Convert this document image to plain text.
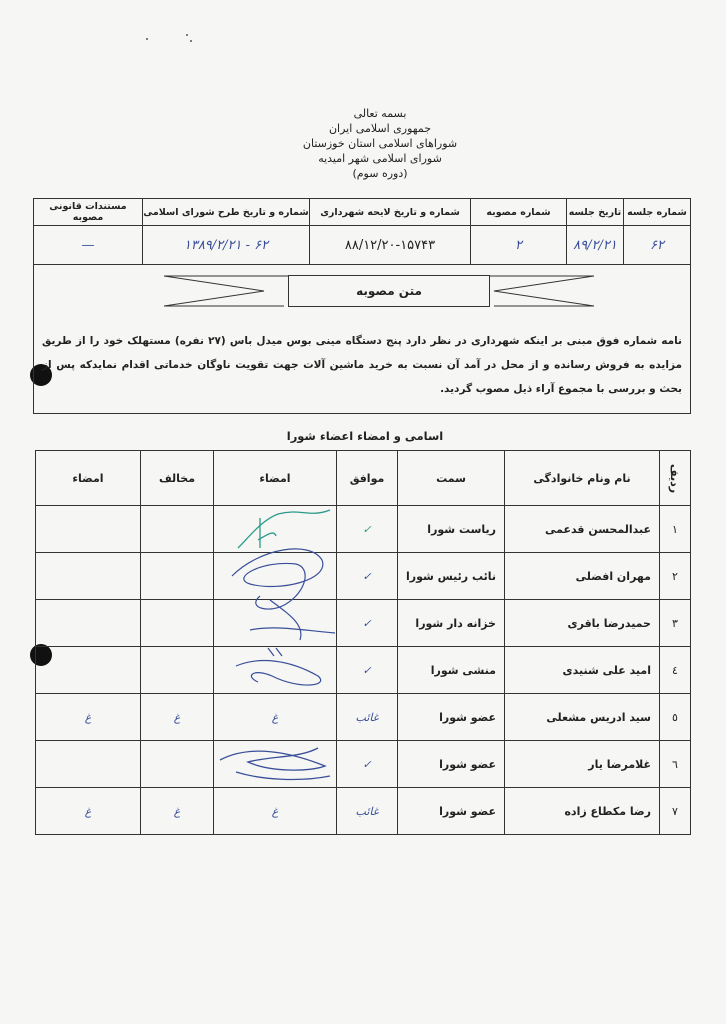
بسمه تعالی
جمهوری اسلامی ایران
شوراهای اسلامی استان خوزستان
شورای اسلامی شهر امیدیه
(دوره سوم)
شماره جلسه	تاریخ جلسه	شماره مصوبه	شماره و تاریخ لایحه شهرداری	شماره و تاریخ طرح شورای اسلامی	مستندات قانونی مصوبه
۶۲	۸۹/۲/۲۱	۲	۸۸/۱۲/۲۰-۱۵۷۴۳	۶۲ - ۱۳۸۹/۲/۲۱	—
متن مصوبه
نامه شماره فوق مبنی بر اینکه شهرداری در نظر دارد پنج دستگاه مینی بوس میدل باس (۲۷ نفره) مستهلک خود را از طریق مزایده به فروش رسانده و از محل در آمد آن نسبت به خرید ماشین آلات جهت تقویت ناوگان خدماتی اقدام نمایدکه پس از بحث و بررسی با مجموع آراء ذیل مصوب گردید.
اسامی و امضاء اعضاء شورا
ردیف	نام ونام خانوادگی	سمت	موافق	امضاء	مخالف	امضاء
۱	عبدالمحسن قدعمی	ریاست شورا	✓			
۲	مهران افضلی	نائب رئیس شورا	✓			
۳	حمیدرضا باقری	خزانه دار شورا	✓			
٤	امید علی شنیدی	منشی شورا	✓			
٥	سید ادریس مشعلی	عضو شورا	غائب	غ	غ	غ
٦	غلامرضا یار	عضو شورا	✓			
۷	رضا مكطاع زاده	عضو شورا	غائب	غ	غ	غ
